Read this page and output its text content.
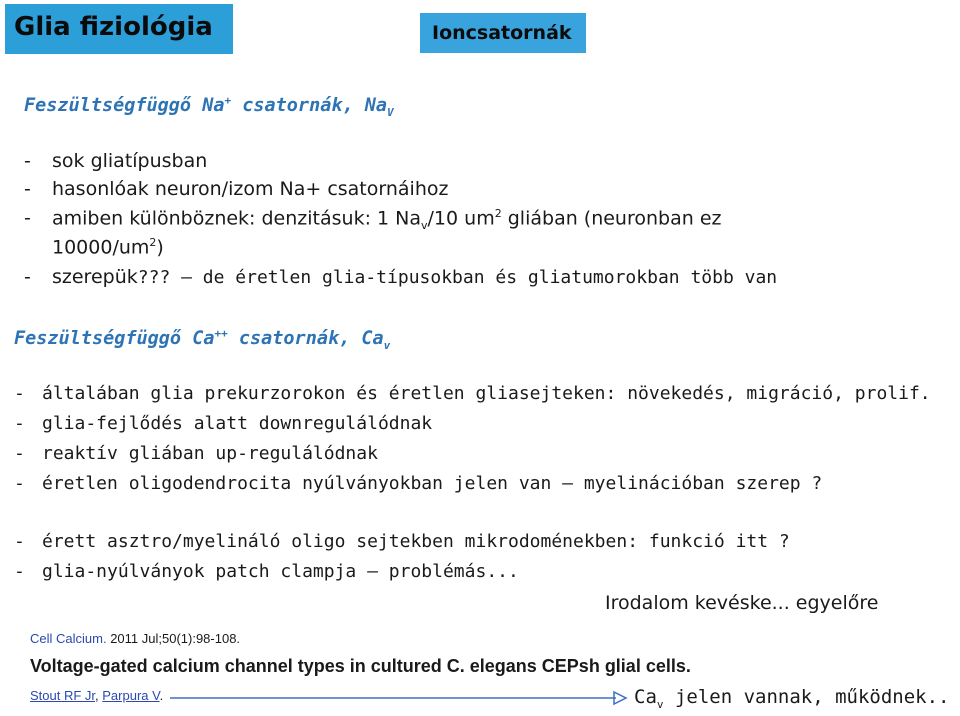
Glia fiziológia	Ioncsatornák
Feszültségfüggő Na+ csatornák, $Na_V$
- sok gliatípusban
- hasonlóak neuron/izom Na+ csatornáihoz
- amiben különböznek: denzitásuk: 1 $Na_v/10$ $um^2$ gliában (neuronban ez
$10000/um^2$)
- szerepük??? – de éretlen glia-típusokban és gliatumorokban több van
Feszültségfüggő Ca++ csatornák, $Ca_v$
- általában glia prekurzorokon és éretlen gliasejteken: növekedés, migráció, prolif.
- glia-fejlődés alatt downregulálódnak
- reaktív gliában up-regulálódnak
- éretlen oligodendrocita nyúlványokban jelen van – myelinációban szerep ?
- érett asztro/myelináló oligo sejtekben mikrodoménekben: funkció itt ?
- glia-nyúlványok patch clampja – problémás...
Irodalom kevéske... egyelőre
Cell Calcium. 2011 Jul;50(1):98-108.
Voltage-gated calcium channel types in cultured C. elegans CEPsh glial cells.
Stout RF Jr, Parpura V.	$Ca_v$ jelen vannak, működnek..
